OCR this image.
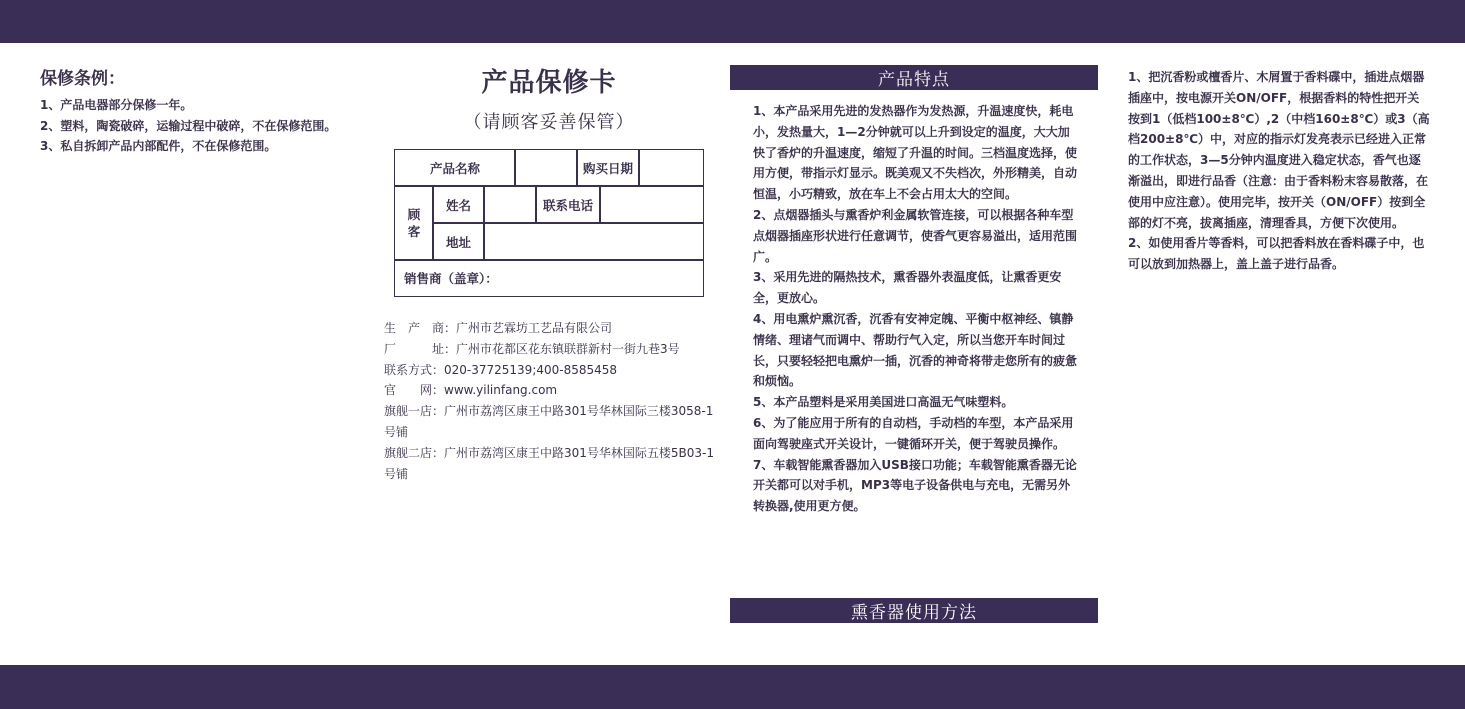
保修条例：

1、产品电器部分保修一年。

2、塑料，陶瓷破碎，运输过程中破碎，不在保修范围。

3、私自拆卸产品内部配件，不在保修范围。

产品保修卡
（请顾客妥善保管）
产品名称	购买日期
顾
客
姓名	联系电话
地址
销售商（盖章）：
生　产　商：广州市艺霖坊工艺品有限公司
厂　　　址：广州市花都区花东镇联群新村一街九巷3号
联系方式：020-37725139;400-8585458
官　　网：www.yilinfang.com
旗舰一店：广州市荔湾区康王中路301号华林国际三楼3058-1号铺
旗舰二店：广州市荔湾区康王中路301号华林国际五楼5B03-1号铺
产品特点

1、本产品采用先进的发热器作为发热源，升温速度快，耗电小，发热量大，1—2分钟就可以上升到设定的温度，大大加快了香炉的升温速度，缩短了升温的时间。三档温度选择，使用方便，带指示灯显示。既美观又不失档次，外形精美，自动恒温，小巧精致，放在车上不会占用太大的空间。

2、点烟器插头与熏香炉利金属软管连接，可以根据各种车型点烟器插座形状进行任意调节，使香气更容易溢出，适用范围广。

3、采用先进的隔热技术，熏香器外表温度低，让熏香更安全，更放心。

4、用电熏炉熏沉香，沉香有安神定魄、平衡中枢神经、镇静情绪、理诸气而调中、帮助行气入定，所以当您开车时间过长，只要轻轻把电熏炉一插，沉香的神奇将带走您所有的疲惫和烦恼。

5、本产品塑料是采用美国进口高温无气味塑料。

6、为了能应用于所有的自动档，手动档的车型，本产品采用面向驾驶座式开关设计，一键循环开关，便于驾驶员操作。

7、车载智能熏香器加入USB接口功能；车载智能熏香器无论开关都可以对手机，MP3等电子设备供电与充电，无需另外转换器,使用更方便。

熏香器使用方法

1、把沉香粉或檀香片、木屑置于香料碟中，插进点烟器插座中，按电源开关ON/OFF，根据香料的特性把开关按到1（低档100±8℃）,2（中档160±8℃）或3（高档200±8℃）中，对应的指示灯发亮表示已经进入正常的工作状态，3—5分钟内温度进入稳定状态，香气也逐渐溢出，即进行品香（注意：由于香料粉末容易散落，在使用中应注意）。使用完毕，按开关（ON/OFF）按到全部的灯不亮，拔离插座，清理香具，方便下次使用。

2、如使用香片等香料，可以把香料放在香料碟子中，也可以放到加热器上，盖上盖子进行品香。
